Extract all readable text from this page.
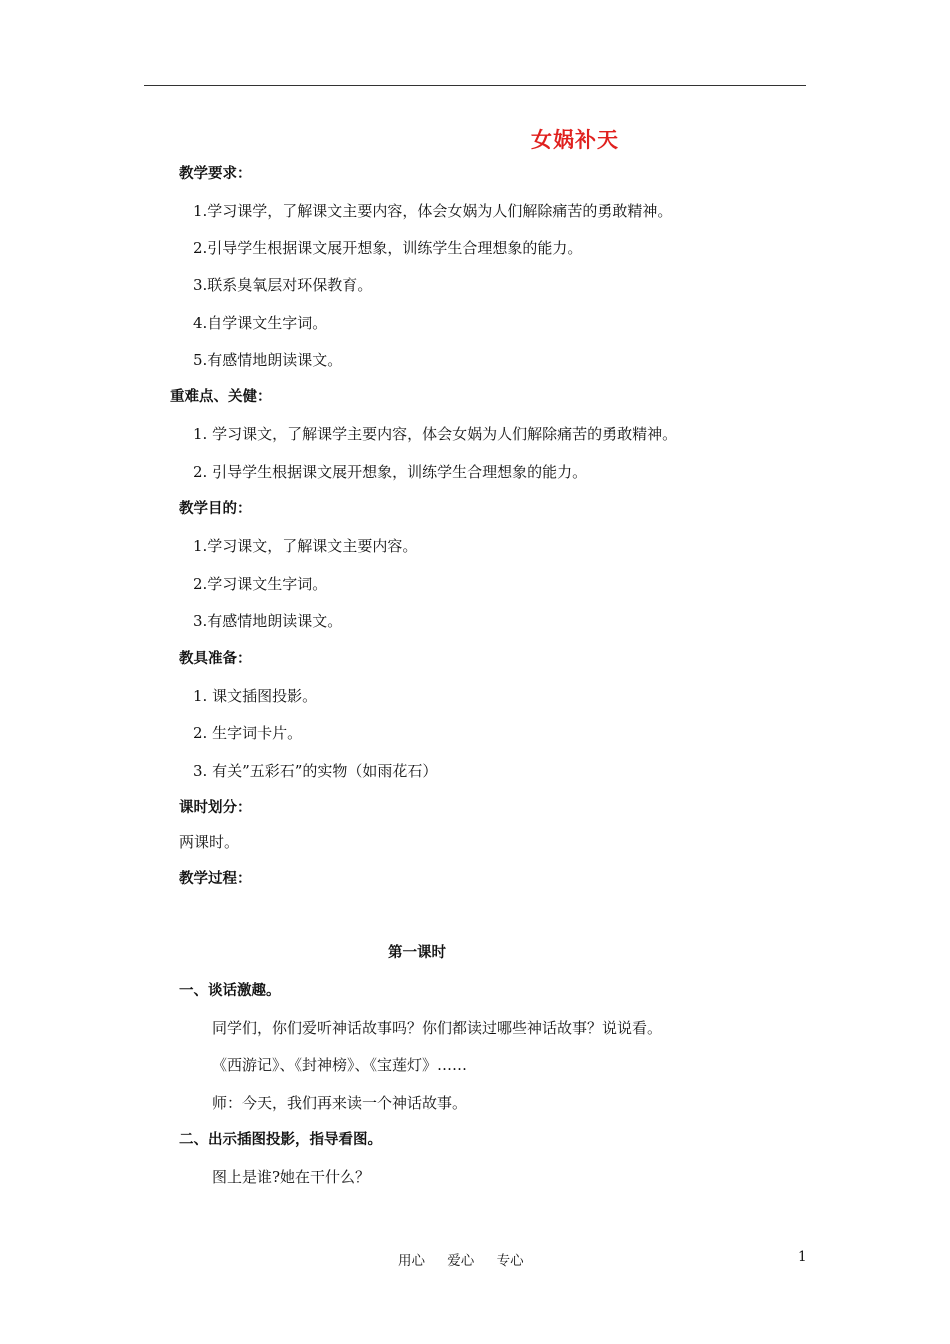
女娲补天
教学要求：
1.学习课学，了解课文主要内容，体会女娲为人们解除痛苦的勇敢精神。
2.引导学生根据课文展开想象，训练学生合理想象的能力。
3.联系臭氧层对环保教育。
4.自学课文生字词。
5.有感情地朗读课文。
重难点、关健：
1. 学习课文，了解课学主要内容，体会女娲为人们解除痛苦的勇敢精神。
2. 引导学生根据课文展开想象，训练学生合理想象的能力。
教学目的：
1.学习课文，了解课文主要内容。
2.学习课文生字词。
3.有感情地朗读课文。
教具准备：
1. 课文插图投影。
2. 生字词卡片。
3. 有关”五彩石”的实物（如雨花石）
课时划分：
两课时。
教学过程：
第一课时
一、谈话激趣。
同学们，你们爱听神话故事吗？你们都读过哪些神话故事？说说看。
《西游记》、《封神榜》、《宝莲灯》……
师：今天，我们再来读一个神话故事。
二、出示插图投影，指导看图。
图上是谁?她在干什么？
用心 爱心 专心	1
